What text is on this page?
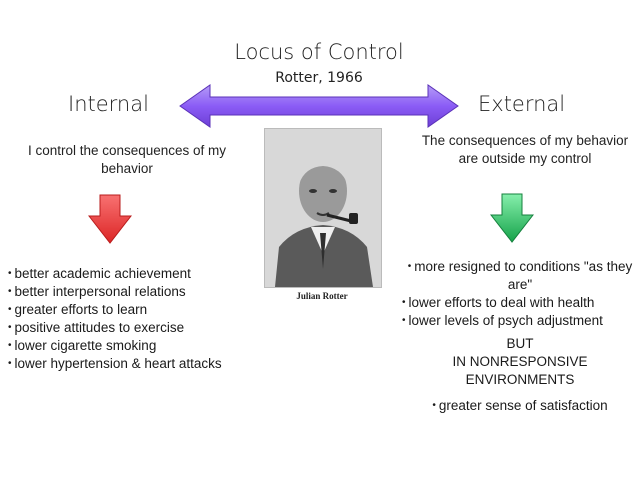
Locus of Control
Rotter, 1966
Internal	External
I control the consequences of my behavior
The consequences of my behavior are outside my control
Julian Rotter
• better academic achievement
• better interpersonal relations
• greater efforts to learn
• positive attitudes to exercise
• lower cigarette smoking
• lower hypertension & heart attacks
• more resigned to conditions "as they are"
• lower efforts to deal with health
• lower levels of psych adjustment
BUT
IN NONRESPONSIVE
ENVIRONMENTS
• greater sense of satisfaction
